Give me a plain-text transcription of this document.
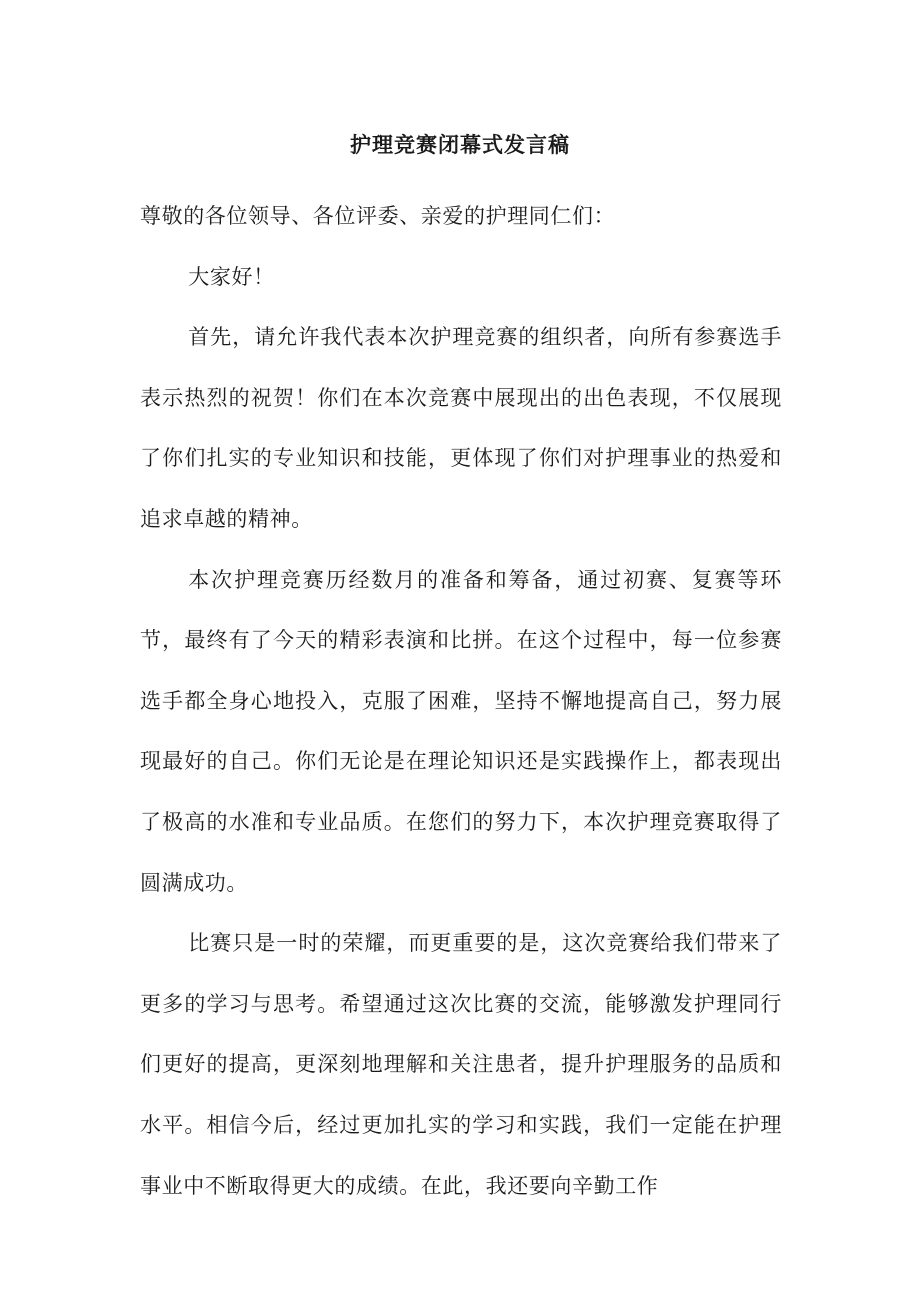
护理竞赛闭幕式发言稿

尊敬的各位领导、各位评委、亲爱的护理同仁们：

大家好！

首先，请允许我代表本次护理竞赛的组织者，向所有参赛选手表示热烈的祝贺！你们在本次竞赛中展现出的出色表现，不仅展现了你们扎实的专业知识和技能，更体现了你们对护理事业的热爱和追求卓越的精神。

本次护理竞赛历经数月的准备和筹备，通过初赛、复赛等环节，最终有了今天的精彩表演和比拼。在这个过程中，每一位参赛选手都全身心地投入，克服了困难，坚持不懈地提高自己，努力展现最好的自己。你们无论是在理论知识还是实践操作上，都表现出了极高的水准和专业品质。在您们的努力下，本次护理竞赛取得了圆满成功。

比赛只是一时的荣耀，而更重要的是，这次竞赛给我们带来了更多的学习与思考。希望通过这次比赛的交流，能够激发护理同行们更好的提高，更深刻地理解和关注患者，提升护理服务的品质和水平。相信今后，经过更加扎实的学习和实践，我们一定能在护理事业中不断取得更大的成绩。在此，我还要向辛勤工作
